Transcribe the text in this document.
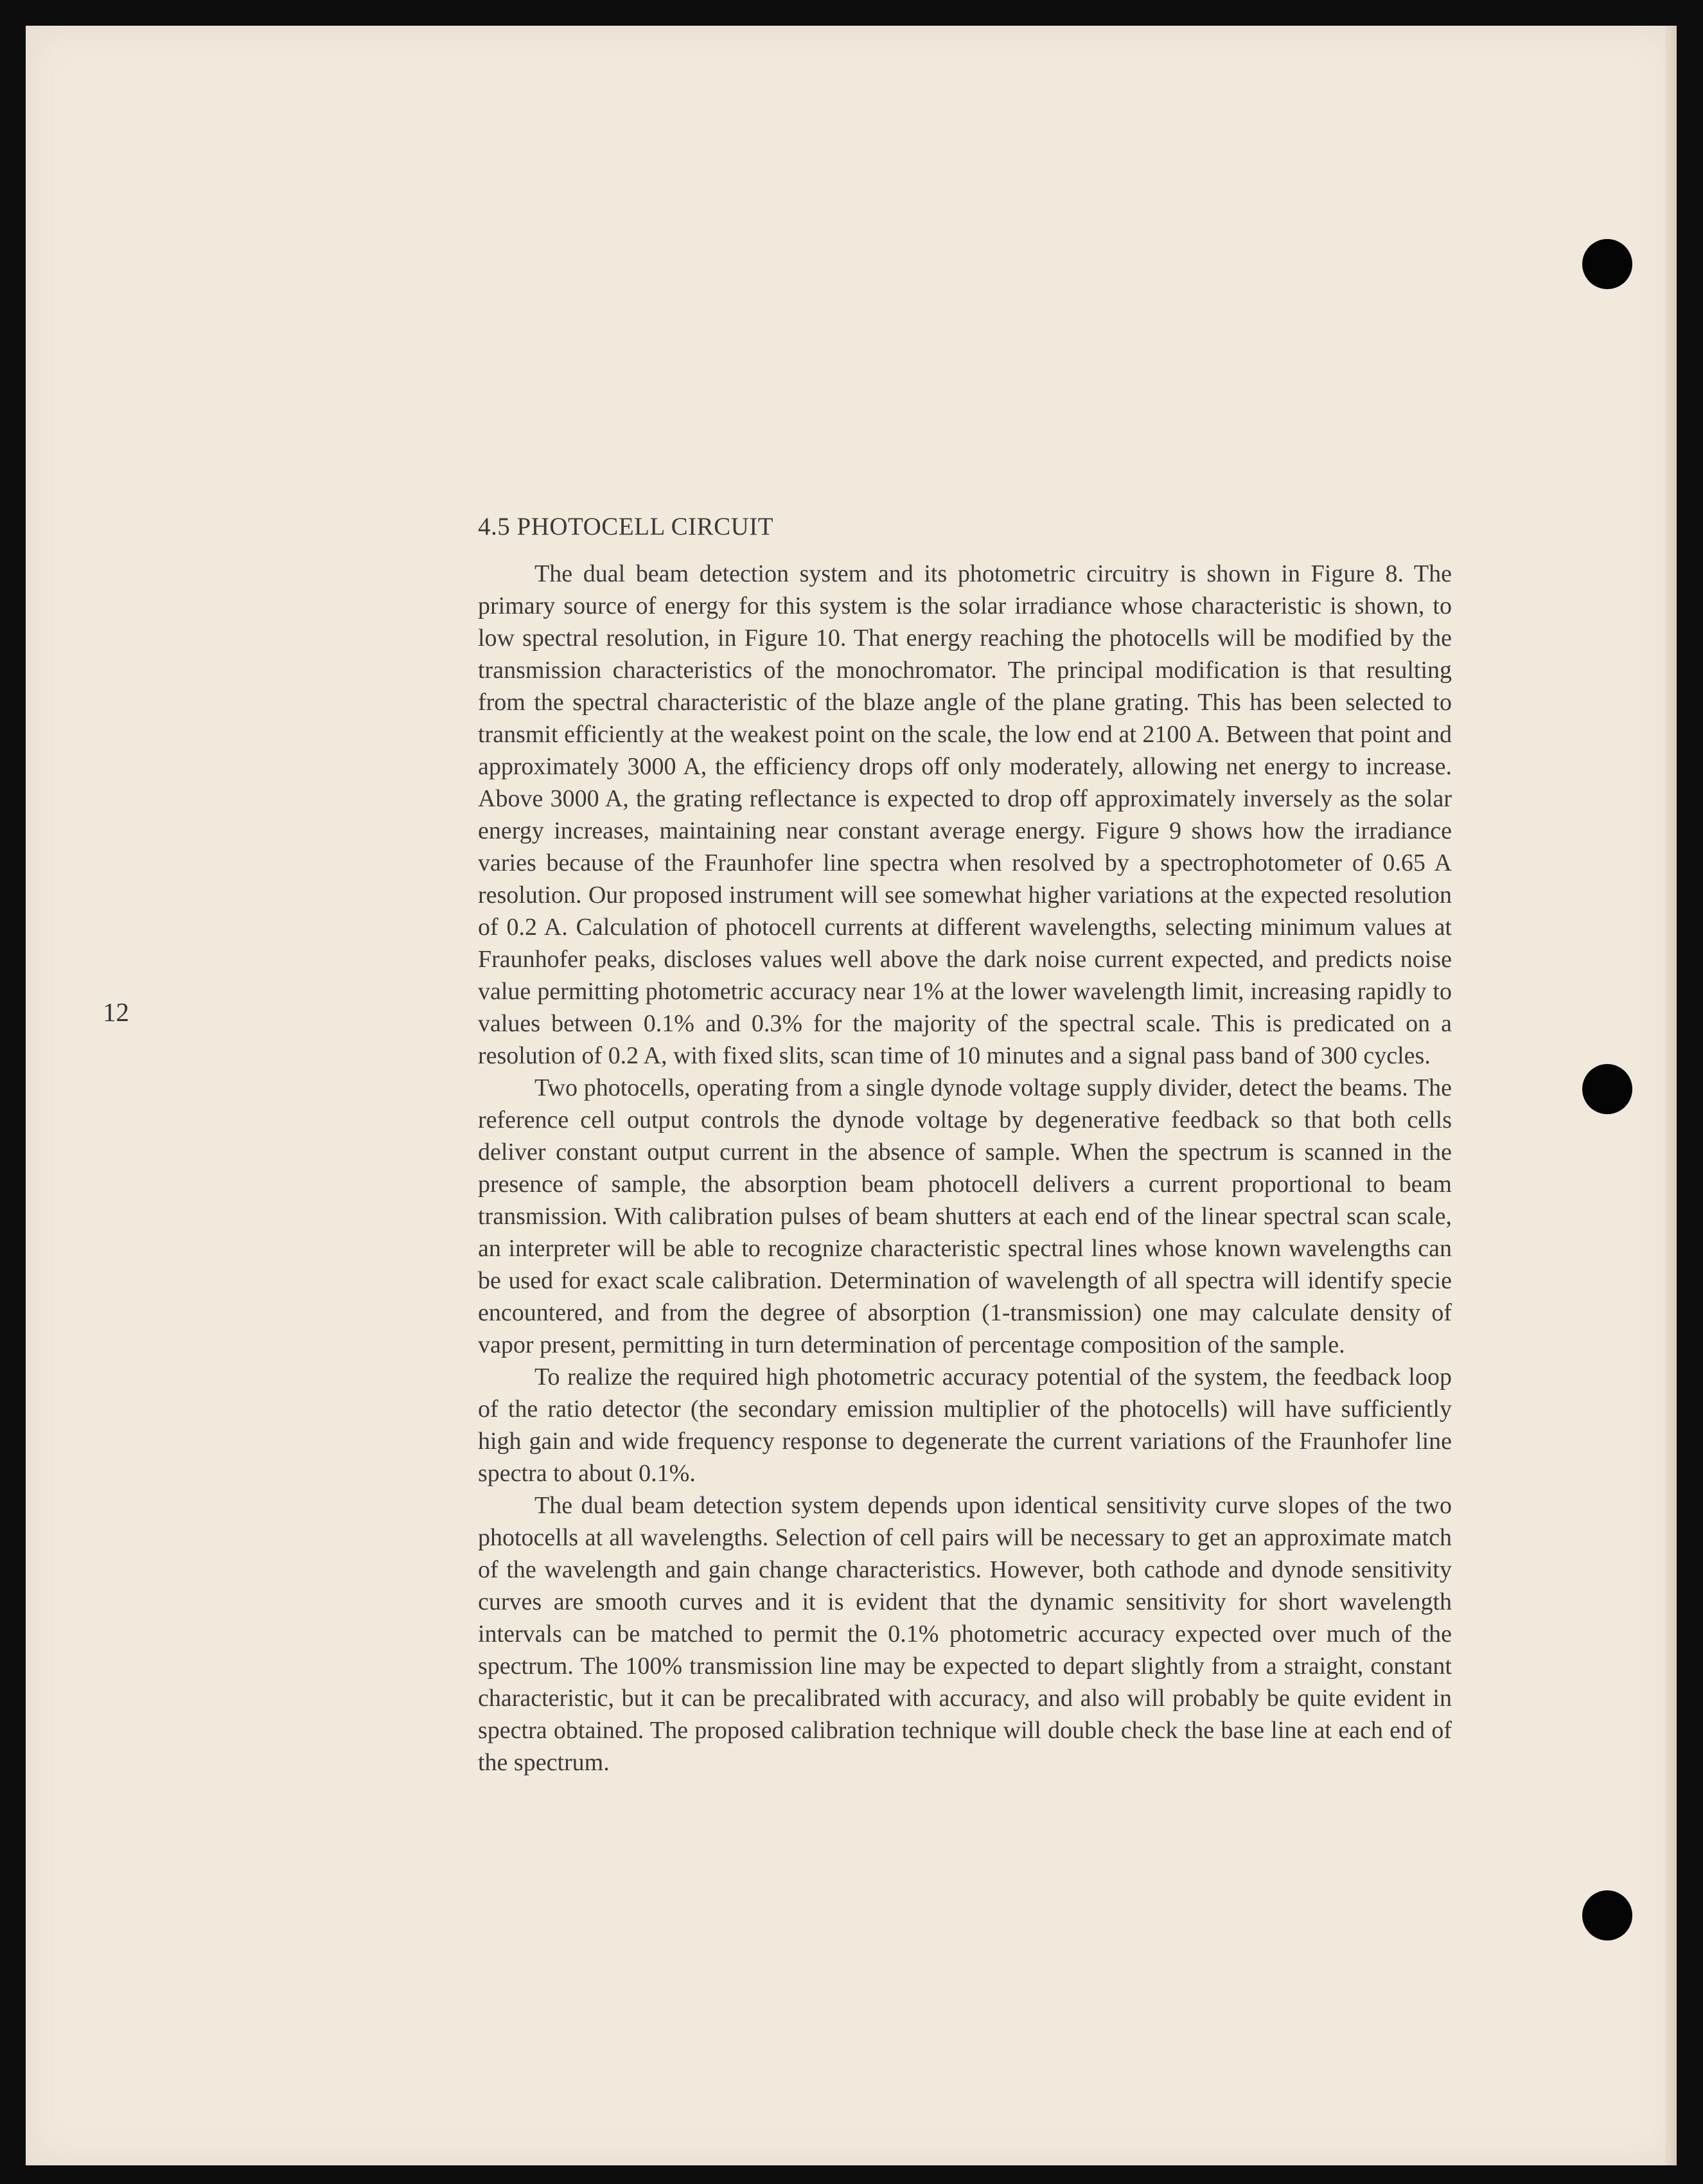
12
4.5 PHOTOCELL CIRCUIT

The dual beam detection system and its photometric circuitry is shown in Figure 8. The primary source of energy for this system is the solar irradiance whose characteristic is shown, to low spectral resolution, in Figure 10. That energy reaching the photocells will be modified by the transmission characteristics of the monochromator. The principal modification is that resulting from the spectral characteristic of the blaze angle of the plane grating. This has been selected to transmit efficiently at the weakest point on the scale, the low end at 2100 A. Between that point and approximately 3000 A, the efficiency drops off only moderately, allowing net energy to increase. Above 3000 A, the grating reflectance is expected to drop off approximately inversely as the solar energy increases, maintaining near constant average energy. Figure 9 shows how the irradiance varies because of the Fraunhofer line spectra when resolved by a spectrophotometer of 0.65 A resolution. Our proposed instrument will see somewhat higher variations at the expected resolution of 0.2 A. Calculation of photocell currents at different wavelengths, selecting minimum values at Fraunhofer peaks, discloses values well above the dark noise current expected, and predicts noise value permitting photometric accuracy near 1% at the lower wavelength limit, increasing rapidly to values between 0.1% and 0.3% for the majority of the spectral scale. This is predicated on a resolution of 0.2 A, with fixed slits, scan time of 10 minutes and a signal pass band of 300 cycles.

Two photocells, operating from a single dynode voltage supply divider, detect the beams. The reference cell output controls the dynode voltage by degenerative feedback so that both cells deliver constant output current in the absence of sample. When the spectrum is scanned in the presence of sample, the absorption beam photocell delivers a current proportional to beam transmission. With calibration pulses of beam shutters at each end of the linear spectral scan scale, an interpreter will be able to recognize characteristic spectral lines whose known wavelengths can be used for exact scale calibration. Determination of wavelength of all spectra will identify specie encountered, and from the degree of absorption (1-transmission) one may calculate density of vapor present, permitting in turn determination of percentage composition of the sample.

To realize the required high photometric accuracy potential of the system, the feedback loop of the ratio detector (the secondary emission multiplier of the photocells) will have sufficiently high gain and wide frequency response to degenerate the current variations of the Fraunhofer line spectra to about 0.1%.

The dual beam detection system depends upon identical sensitivity curve slopes of the two photocells at all wavelengths. Selection of cell pairs will be necessary to get an approximate match of the wavelength and gain change characteristics. However, both cathode and dynode sensitivity curves are smooth curves and it is evident that the dynamic sensitivity for short wavelength intervals can be matched to permit the 0.1% photometric accuracy expected over much of the spectrum. The 100% transmission line may be expected to depart slightly from a straight, constant characteristic, but it can be precalibrated with accuracy, and also will probably be quite evident in spectra obtained. The proposed calibration technique will double check the base line at each end of the spectrum.
